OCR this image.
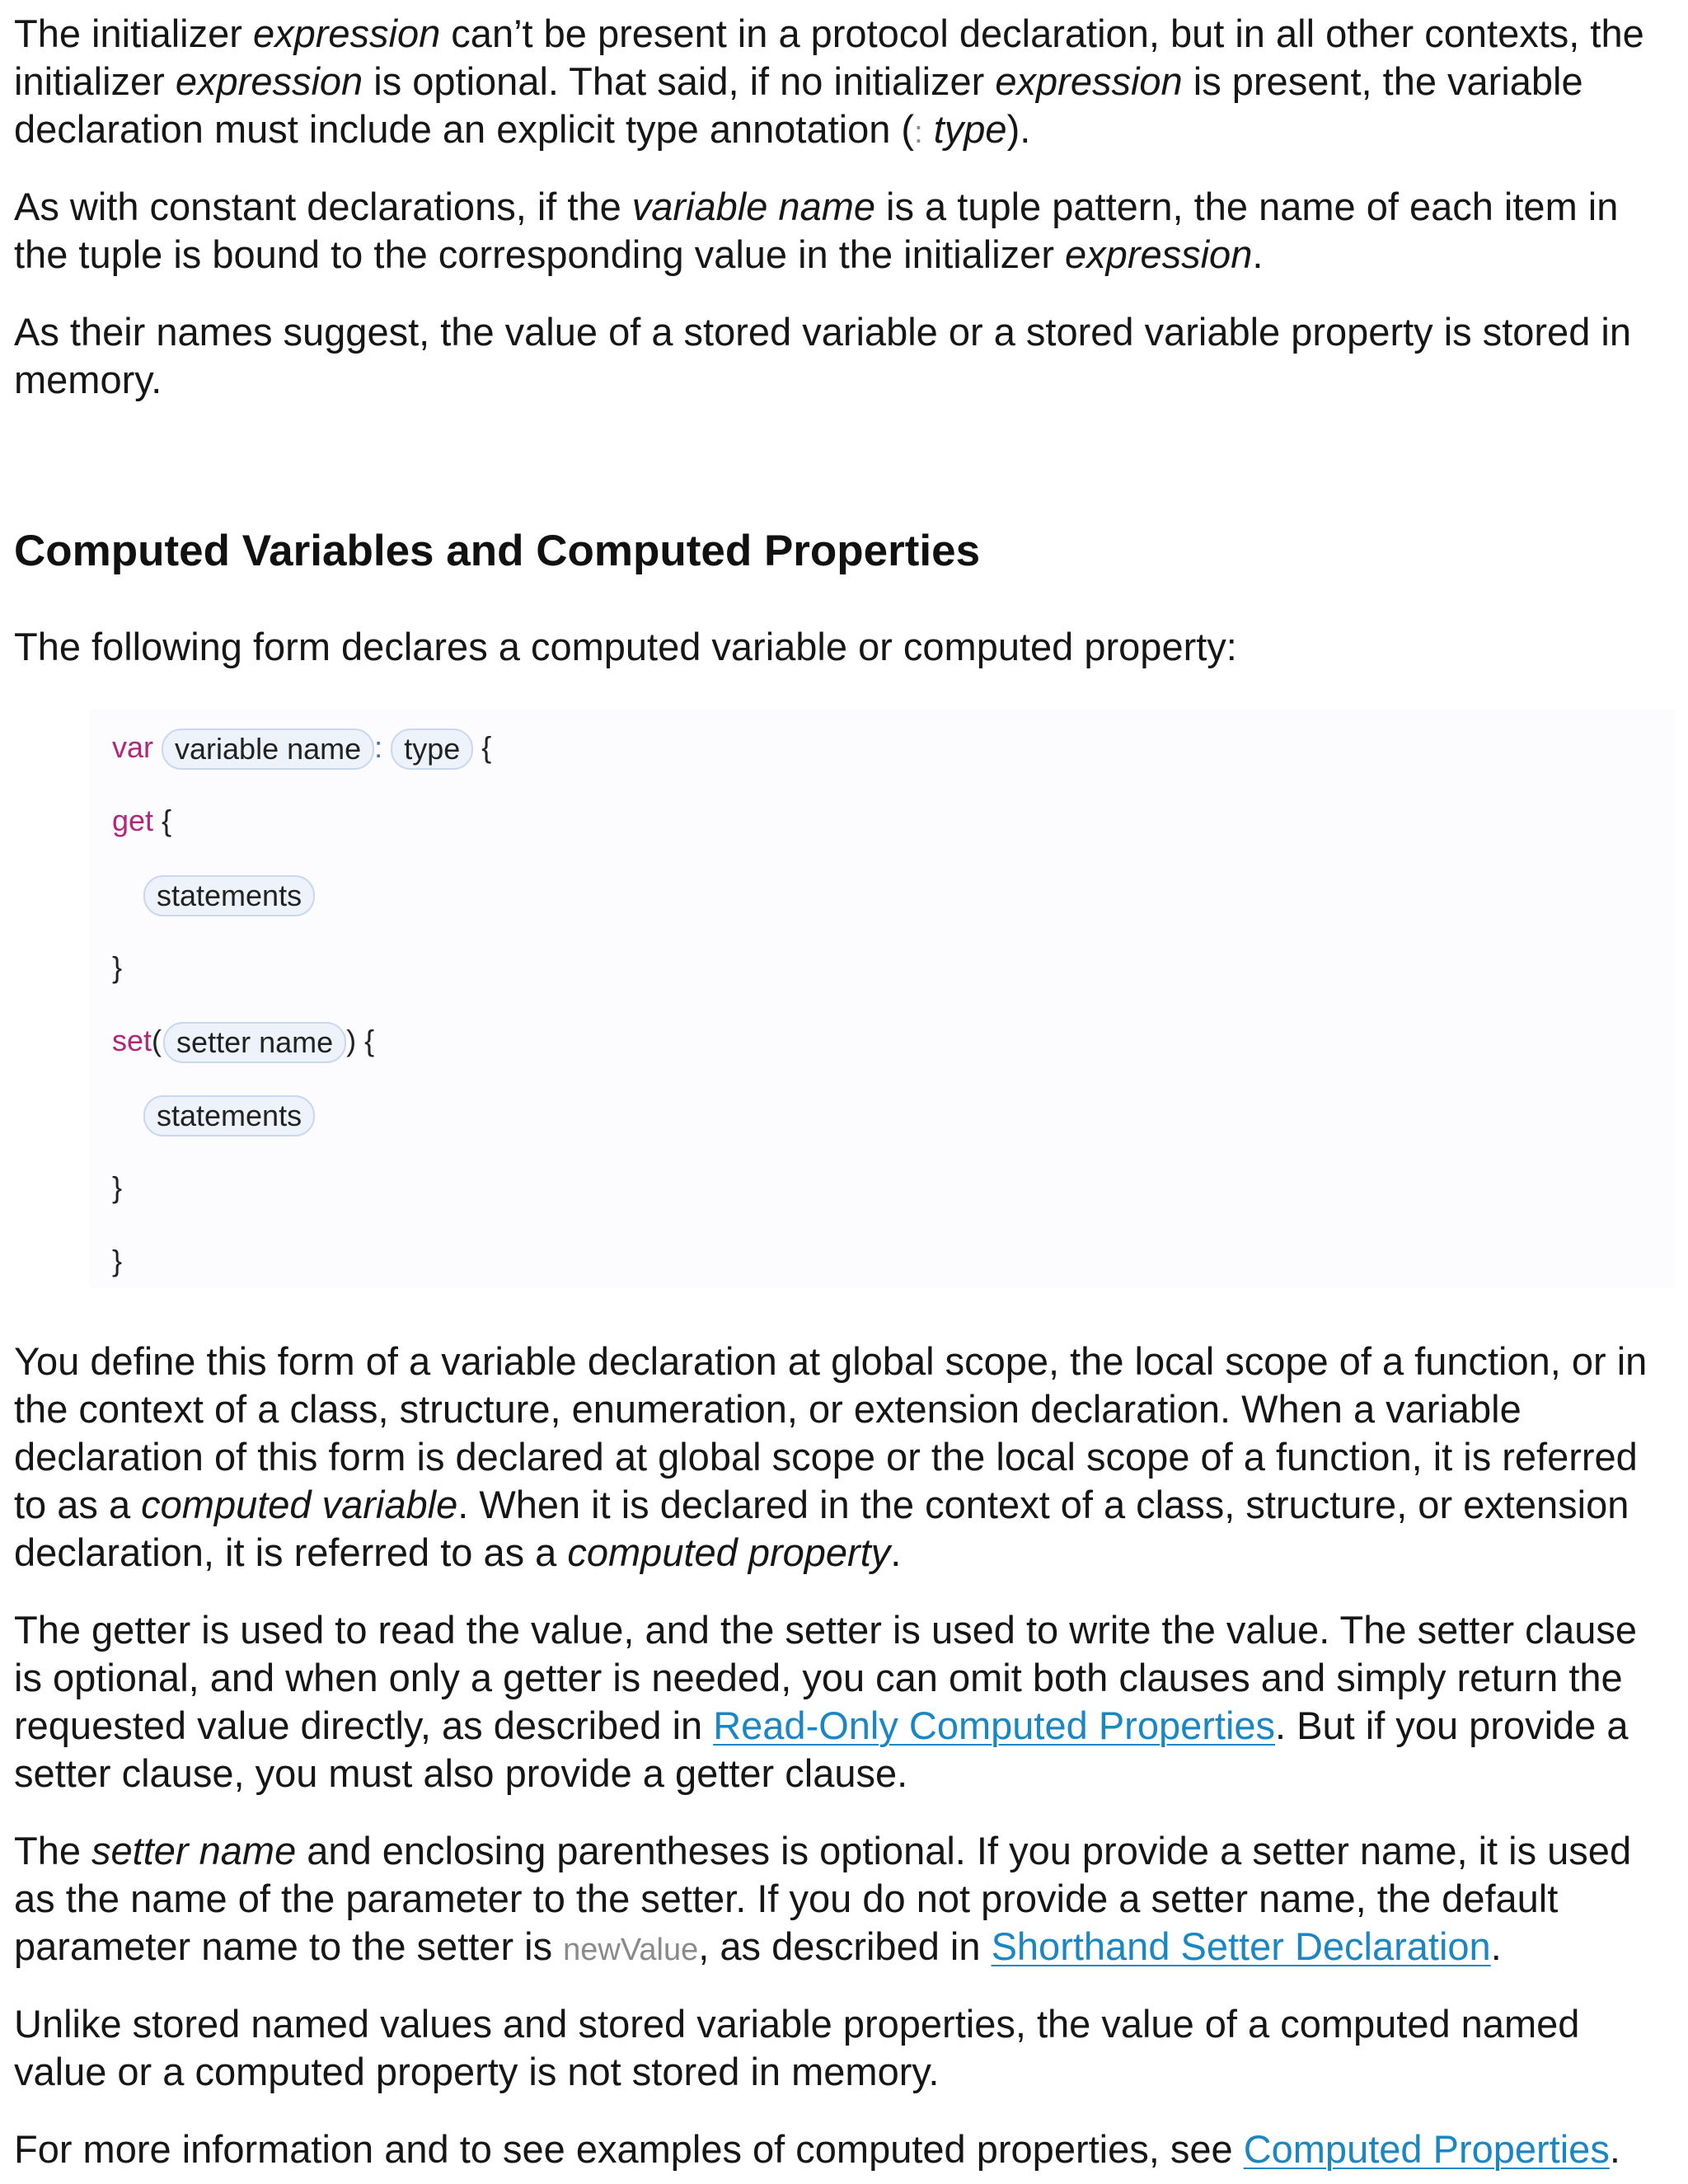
The initializer expression can’t be present in a protocol declaration, but in all other contexts, the initializer expression is optional. That said, if no initializer expression is present, the variable declaration must include an explicit type annotation (: type).

As with constant declarations, if the variable name is a tuple pattern, the name of each item in the tuple is bound to the corresponding value in the initializer expression.

As their names suggest, the value of a stored variable or a stored variable property is stored in memory.

Computed Variables and Computed Properties

The following form declares a computed variable or computed property:

var variable name : type {
get {
statements
}
set( setter name ) {
statements
}
}

You define this form of a variable declaration at global scope, the local scope of a function, or in the context of a class, structure, enumeration, or extension declaration. When a variable declaration of this form is declared at global scope or the local scope of a function, it is referred to as a computed variable. When it is declared in the context of a class, structure, or extension declaration, it is referred to as a computed property.

The getter is used to read the value, and the setter is used to write the value. The setter clause is optional, and when only a getter is needed, you can omit both clauses and simply return the requested value directly, as described in Read-Only Computed Properties. But if you provide a setter clause, you must also provide a getter clause.

The setter name and enclosing parentheses is optional. If you provide a setter name, it is used as the name of the parameter to the setter. If you do not provide a setter name, the default parameter name to the setter is newValue, as described in Shorthand Setter Declaration.

Unlike stored named values and stored variable properties, the value of a computed named value or a computed property is not stored in memory.

For more information and to see examples of computed properties, see Computed Properties.
